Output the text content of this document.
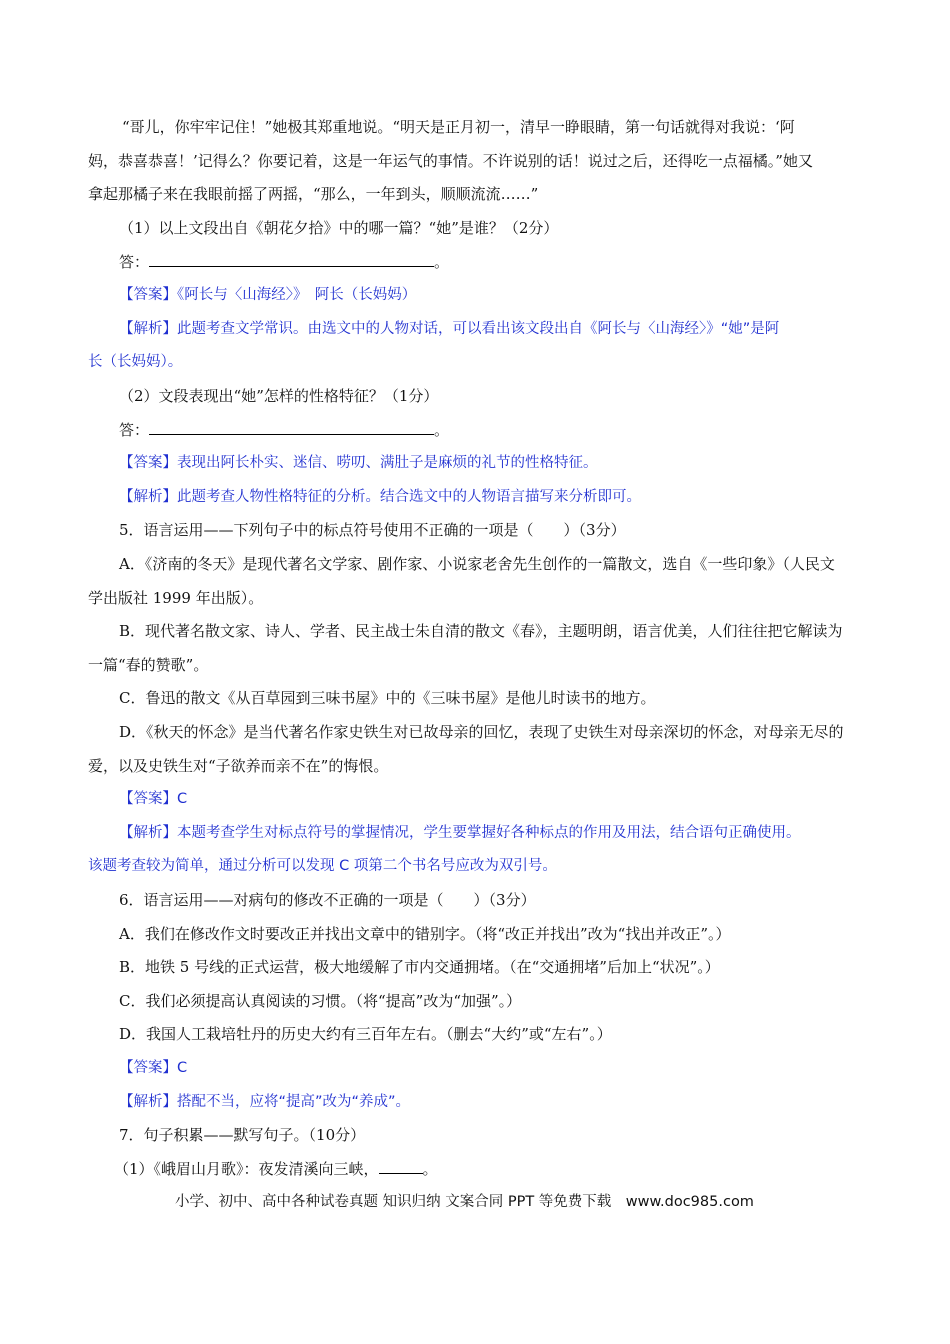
“哥儿，你牢牢记住！”她极其郑重地说。“明天是正月初一，清早一睁眼睛，第一句话就得对我说：‘阿

妈，恭喜恭喜！’记得么？你要记着，这是一年运气的事情。不许说别的话！说过之后，还得吃一点福橘。”她又

拿起那橘子来在我眼前摇了两摇，“那么，一年到头，顺顺流流……”

（1）以上文段出自《朝花夕拾》中的哪一篇？“她”是谁？（2分）

答：	。

【答案】《阿长与〈山海经〉》　阿长（长妈妈）

【解析】此题考查文学常识。由选文中的人物对话，可以看出该文段出自《阿长与〈山海经〉》“她”是阿

长（长妈妈）。

（2）文段表现出“她”怎样的性格特征？（1分）

答：	。

【答案】表现出阿长朴实、迷信、唠叨、满肚子是麻烦的礼节的性格特征。

【解析】此题考查人物性格特征的分析。结合选文中的人物语言描写来分析即可。

5．语言运用——下列句子中的标点符号使用不正确的一项是（　　）（3分）

A．《济南的冬天》是现代著名文学家、剧作家、小说家老舍先生创作的一篇散文，选自《一些印象》（人民文

学出版社 1999 年出版）。

B．现代著名散文家、诗人、学者、民主战士朱自清的散文《春》，主题明朗，语言优美，人们往往把它解读为

一篇“春的赞歌”。

C．鲁迅的散文《从百草园到三味书屋》中的《三味书屋》是他儿时读书的地方。

D．《秋天的怀念》是当代著名作家史铁生对已故母亲的回忆，表现了史铁生对母亲深切的怀念，对母亲无尽的

爱，以及史铁生对“子欲养而亲不在”的悔恨。

【答案】C

【解析】本题考查学生对标点符号的掌握情况，学生要掌握好各种标点的作用及用法，结合语句正确使用。

该题考查较为简单，通过分析可以发现 C 项第二个书名号应改为双引号。

6．语言运用——对病句的修改不正确的一项是（　　）（3分）

A．我们在修改作文时要改正并找出文章中的错别字。（将“改正并找出”改为“找出并改正”。）

B．地铁 5 号线的正式运营，极大地缓解了市内交通拥堵。（在“交通拥堵”后加上“状况”。）

C．我们必须提高认真阅读的习惯。（将“提高”改为“加强”。）

D．我国人工栽培牡丹的历史大约有三百年左右。（删去“大约”或“左右”。）

【答案】C

【解析】搭配不当，应将“提高”改为“养成”。

7．句子积累——默写句子。（10分）

（1）《峨眉山月歌》：夜发清溪向三峡，	。

小学、初中、高中各种试卷真题 知识归纳 文案合同 PPT 等免费下载　www.doc985.com
